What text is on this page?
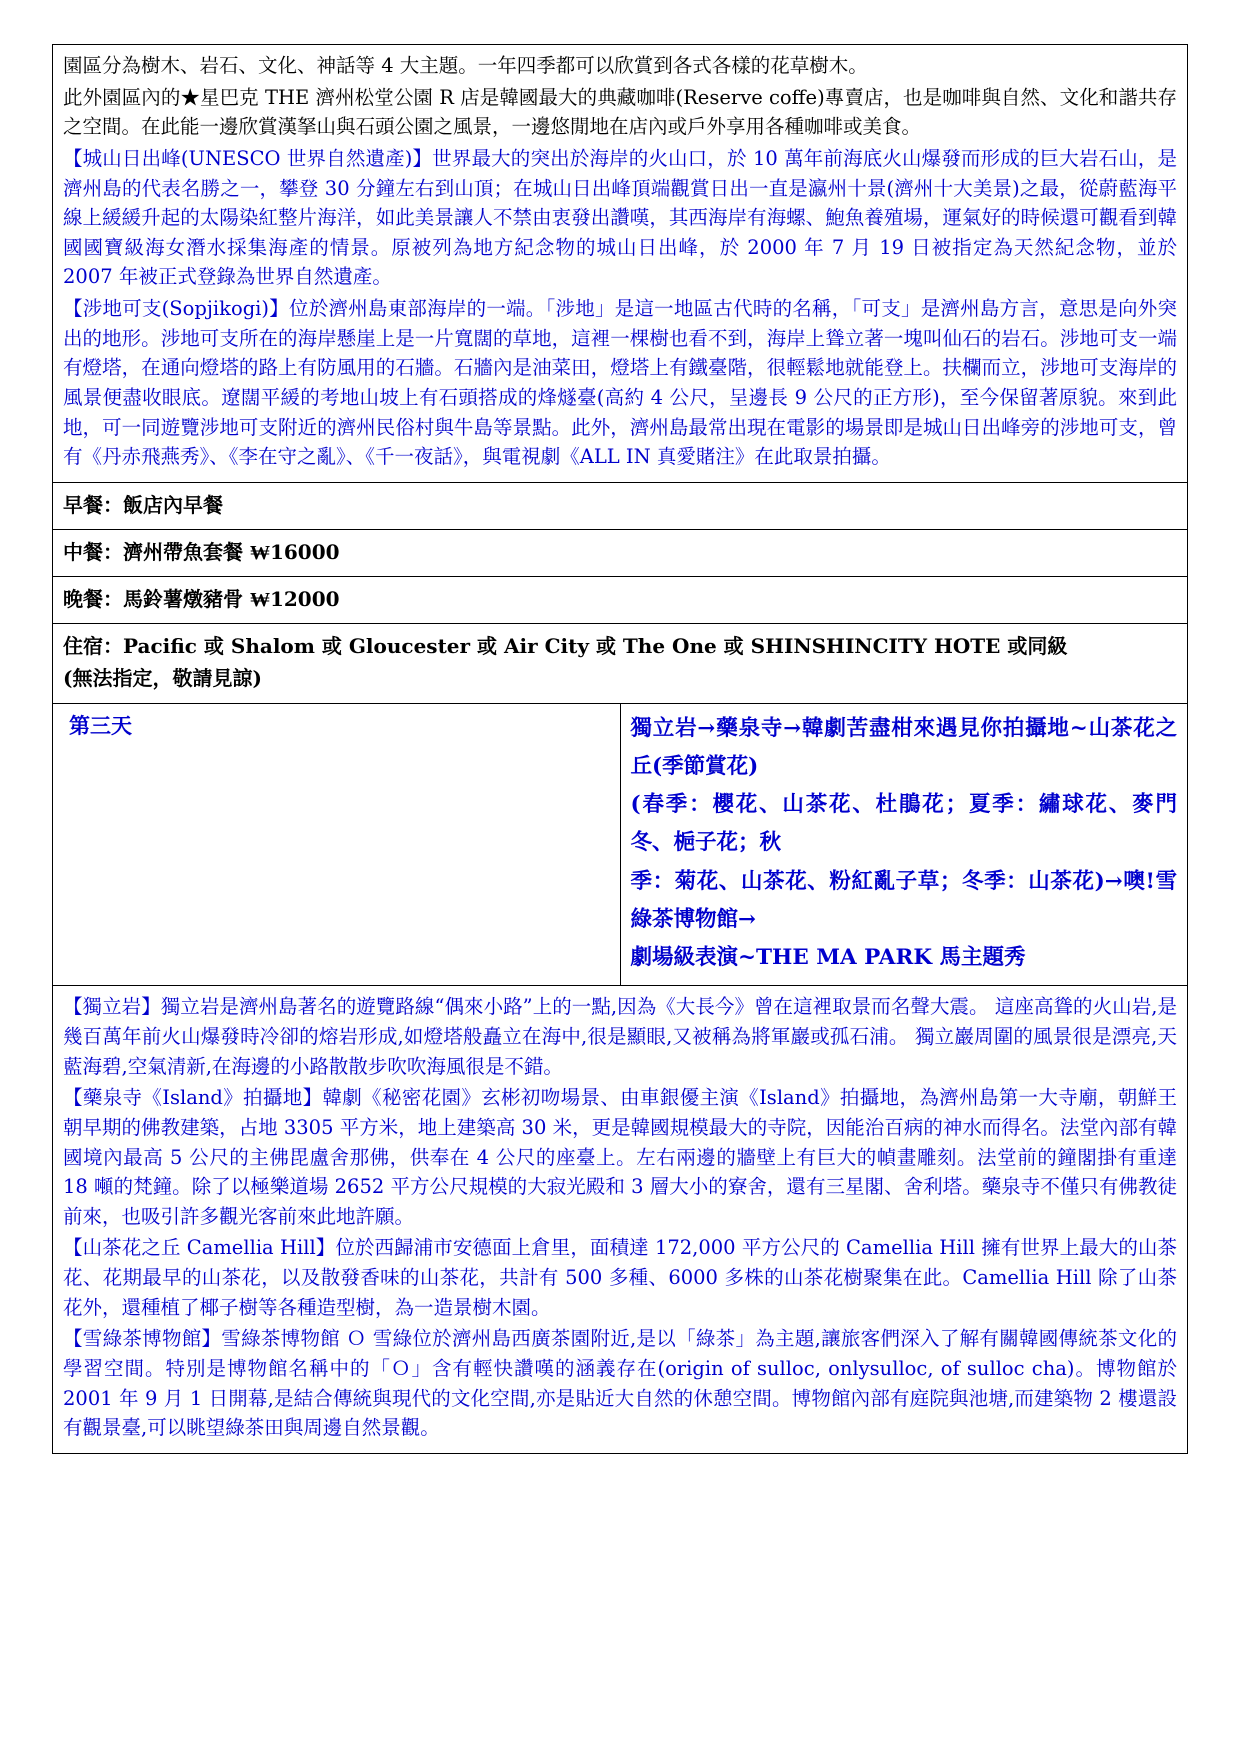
園區分為樹木、岩石、文化、神話等 4 大主題。一年四季都可以欣賞到各式各樣的花草樹木。

此外園區內的★星巴克 THE 濟州松堂公園 R 店是韓國最大的典藏咖啡(Reserve coffe)專賣店，也是咖啡與自然、文化和諧共存之空間。在此能一邊欣賞漢拏山與石頭公園之風景，一邊悠閒地在店內或戶外享用各種咖啡或美食。

【城山日出峰(UNESCO 世界自然遺產)】世界最大的突出於海岸的火山口，於 10 萬年前海底火山爆發而形成的巨大岩石山，是濟州島的代表名勝之一，攀登 30 分鐘左右到山頂；在城山日出峰頂端觀賞日出一直是瀛州十景(濟州十大美景)之最，從蔚藍海平線上緩緩升起的太陽染紅整片海洋，如此美景讓人不禁由衷發出讚嘆，其西海岸有海螺、鮑魚養殖場，運氣好的時候還可觀看到韓國國寶級海女潛水採集海產的情景。原被列為地方紀念物的城山日出峰，於 2000 年 7 月 19 日被指定為天然紀念物，並於 2007 年被正式登錄為世界自然遺產。

【涉地可支(Sopjikogi)】位於濟州島東部海岸的一端。「涉地」是這一地區古代時的名稱，「可支」是濟州島方言，意思是向外突出的地形。涉地可支所在的海岸懸崖上是一片寬闊的草地，這裡一棵樹也看不到，海岸上聳立著一塊叫仙石的岩石。涉地可支一端有燈塔，在通向燈塔的路上有防風用的石牆。石牆內是油菜田，燈塔上有鐵臺階，很輕鬆地就能登上。扶欄而立，涉地可支海岸的風景便盡收眼底。遼闊平緩的考地山坡上有石頭搭成的烽燧臺(高約 4 公尺，呈邊長 9 公尺的正方形)，至今保留著原貌。來到此地，可一同遊覽涉地可支附近的濟州民俗村與牛島等景點。此外，濟州島最常出現在電影的場景即是城山日出峰旁的涉地可支，曾有《丹赤飛燕秀》、《李在守之亂》、《千一夜話》，與電視劇《ALL IN 真愛賭注》在此取景拍攝。

早餐：飯店內早餐

中餐：濟州帶魚套餐 ₩16000

晚餐：馬鈴薯燉豬骨 ₩12000

住宿：Pacific 或 Shalom 或 Gloucester 或 Air City 或 The One 或 SHINSHINCITY HOTE 或同級

(無法指定，敬請見諒)

第三天	獨立岩→藥泉寺→韓劇苦盡柑來遇見你拍攝地~山茶花之丘(季節賞花)

(春季：櫻花、山茶花、杜鵑花；夏季：繡球花、麥門冬、梔子花；秋

季：菊花、山茶花、粉紅亂子草；冬季：山茶花)→噢!雪綠茶博物館→

劇場級表演~THE MA PARK 馬主題秀

【獨立岩】獨立岩是濟州島著名的遊覽路線“偶來小路”上的一點,因為《大長今》曾在這裡取景而名聲大震。 這座高聳的火山岩,是幾百萬年前火山爆發時冷卻的熔岩形成,如燈塔般矗立在海中,很是顯眼,又被稱為將軍巖或孤石浦。 獨立巖周圍的風景很是漂亮,天藍海碧,空氣清新,在海邊的小路散散步吹吹海風很是不錯。

【藥泉寺《Island》拍攝地】韓劇《秘密花園》玄彬初吻場景、由車銀優主演《Island》拍攝地，為濟州島第一大寺廟，朝鮮王朝早期的佛教建築，占地 3305 平方米，地上建築高 30 米，更是韓國規模最大的寺院，因能治百病的神水而得名。法堂內部有韓國境內最高 5 公尺的主佛毘盧舍那佛，供奉在 4 公尺的座臺上。左右兩邊的牆壁上有巨大的幀畫雕刻。法堂前的鐘閣掛有重達 18 噸的梵鐘。除了以極樂道場 2652 平方公尺規模的大寂光殿和 3 層大小的寮舍，還有三星閣、舍利塔。藥泉寺不僅只有佛教徒前來，也吸引許多觀光客前來此地許願。

【山茶花之丘 Camellia Hill】位於西歸浦市安德面上倉里，面積達 172,000 平方公尺的 Camellia Hill 擁有世界上最大的山茶花、花期最早的山茶花，以及散發香味的山茶花，共計有 500 多種、6000 多株的山茶花樹聚集在此。Camellia Hill 除了山茶花外，還種植了椰子樹等各種造型樹，為一造景樹木園。

【雪綠茶博物館】雪綠茶博物館 Ｏ 雪綠位於濟州島西廣茶園附近,是以「綠茶」為主題,讓旅客們深入了解有關韓國傳統茶文化的學習空間。特別是博物館名稱中的「Ｏ」含有輕快讚嘆的涵義存在(origin of sulloc, onlysulloc, of sulloc cha)。博物館於 2001 年 9 月 1 日開幕,是結合傳統與現代的文化空間,亦是貼近大自然的休憩空間。博物館內部有庭院與池塘,而建築物 2 樓還設有觀景臺,可以眺望綠茶田與周邊自然景觀。
